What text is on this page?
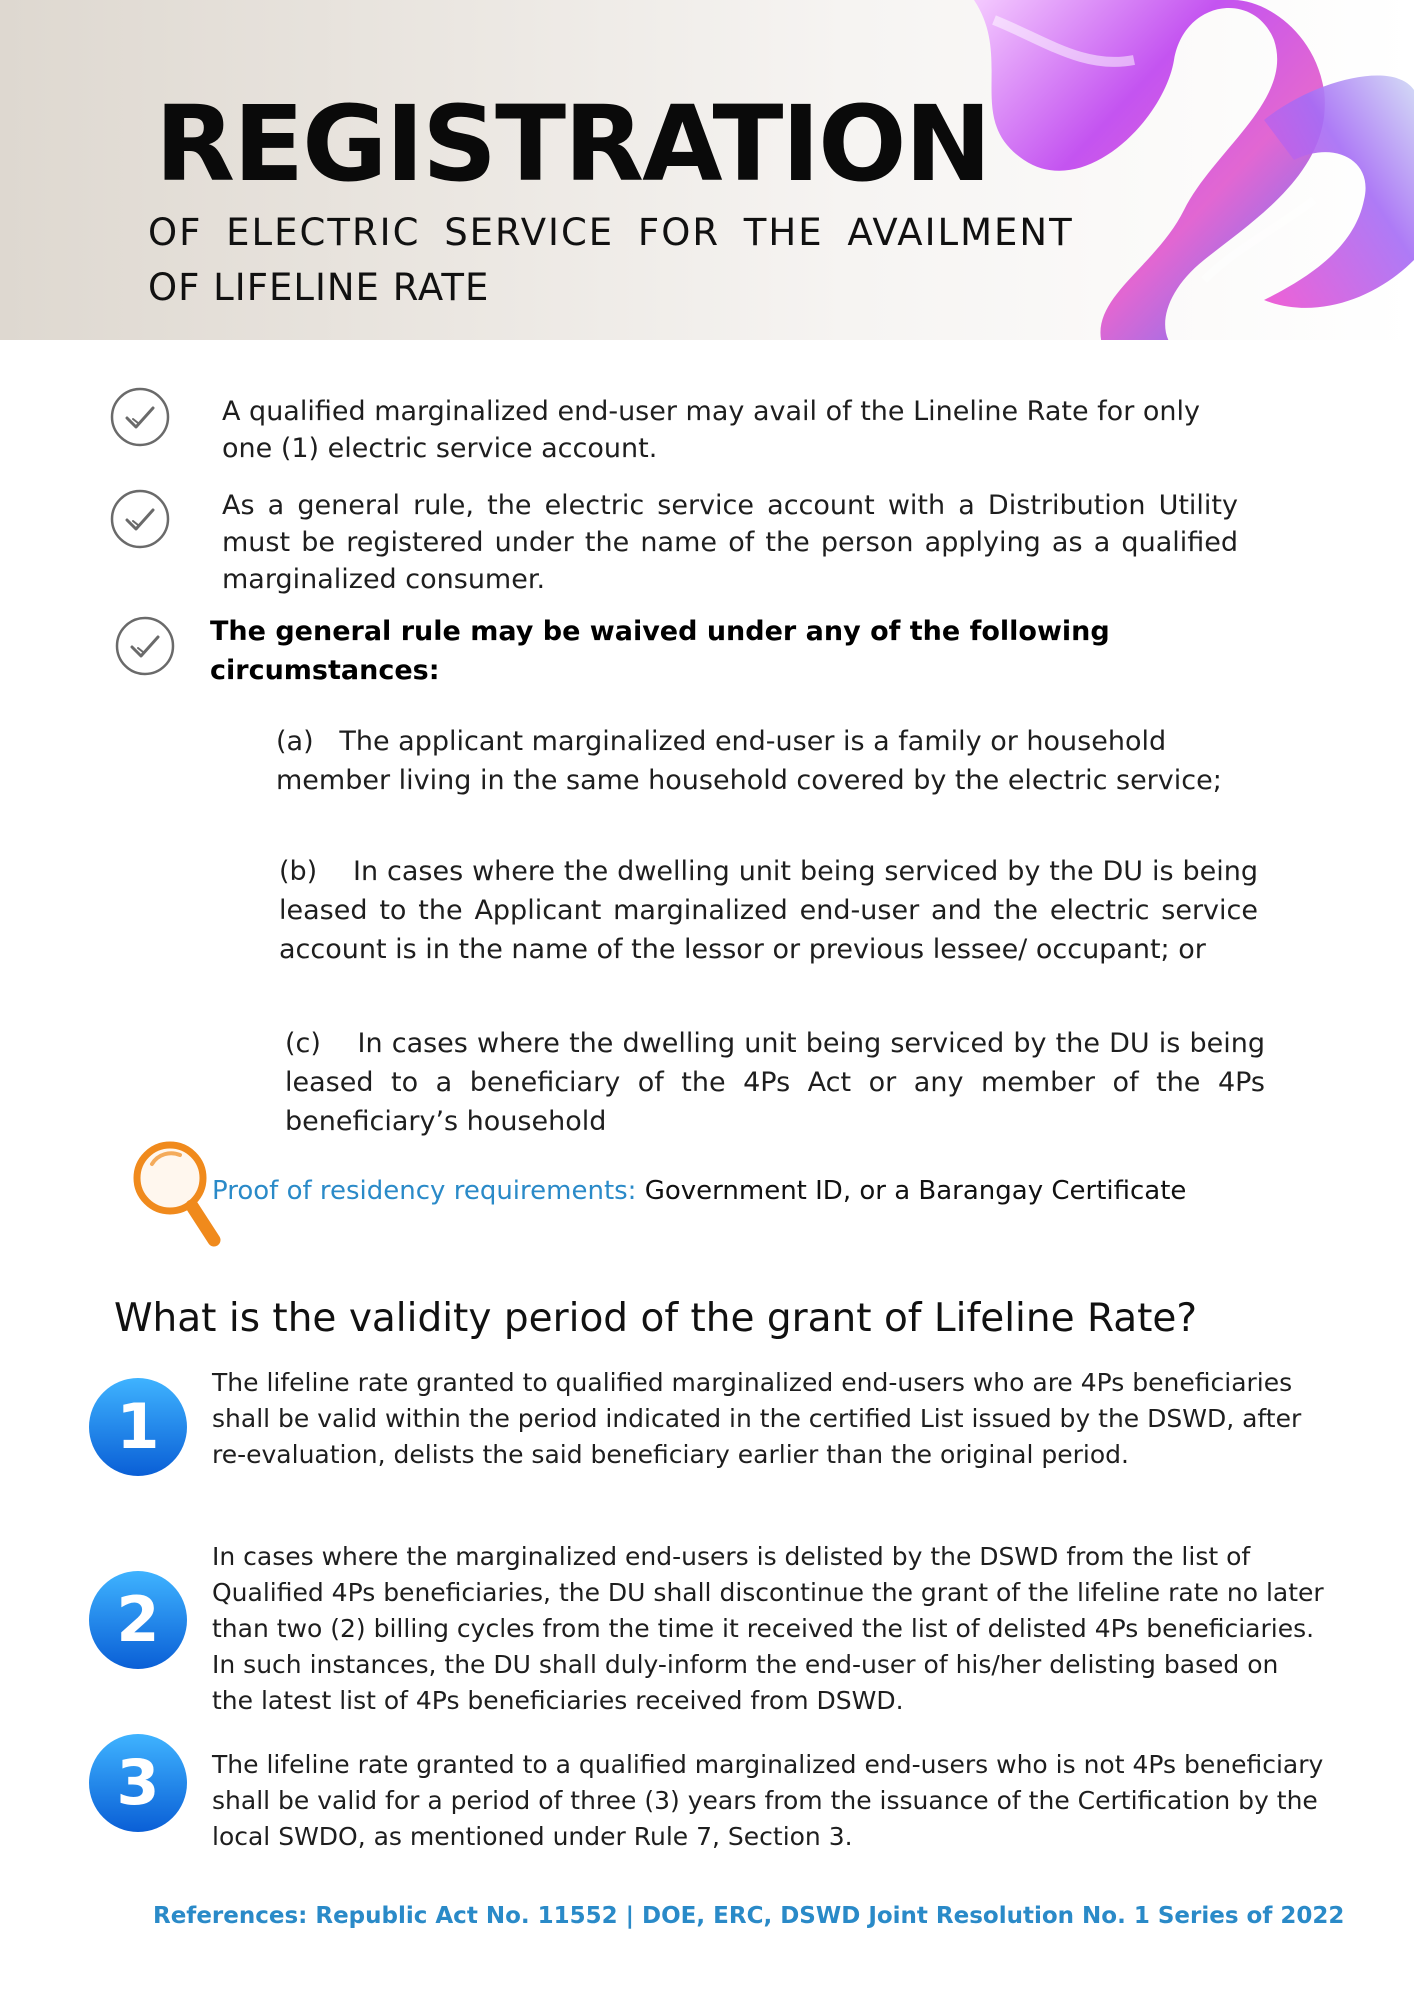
REGISTRATION
OF ELECTRIC SERVICE FOR THE AVAILMENT
OF LIFELINE RATE
A qualified marginalized end-user may avail of the Lineline Rate for only one (1) electric service account.
As a general rule, the electric service account with a Distribution Utility must be registered under the name of the person applying as a qualified marginalized consumer.
The general rule may be waived under any of the following circumstances:
(a) The applicant marginalized end-user is a family or household member living in the same household covered by the electric service;
(b) In cases where the dwelling unit being serviced by the DU is being leased to the Applicant marginalized end-user and the electric service account is in the name of the lessor or previous lessee/ occupant; or
(c) In cases where the dwelling unit being serviced by the DU is being leased to a beneficiary of the 4Ps Act or any member of the 4Ps beneficiary’s household
Proof of residency requirements: Government ID, or a Barangay Certificate
What is the validity period of the grant of Lifeline Rate?
1
The lifeline rate granted to qualified marginalized end-users who are 4Ps beneficiaries shall be valid within the period indicated in the certified List issued by the DSWD, after re-evaluation, delists the said beneficiary earlier than the original period.
2
In cases where the marginalized end-users is delisted by the DSWD from the list of Qualified 4Ps beneficiaries, the DU shall discontinue the grant of the lifeline rate no later than two (2) billing cycles from the time it received the list of delisted 4Ps beneficiaries. In such instances, the DU shall duly-inform the end-user of his/her delisting based on the latest list of 4Ps beneficiaries received from DSWD.
3 The lifeline rate granted to a qualified marginalized end-users who is not 4Ps beneficiary shall be valid for a period of three (3) years from the issuance of the Certification by the local SWDO, as mentioned under Rule 7, Section 3.
References: Republic Act No. 11552 | DOE, ERC, DSWD Joint Resolution No. 1 Series of 2022
